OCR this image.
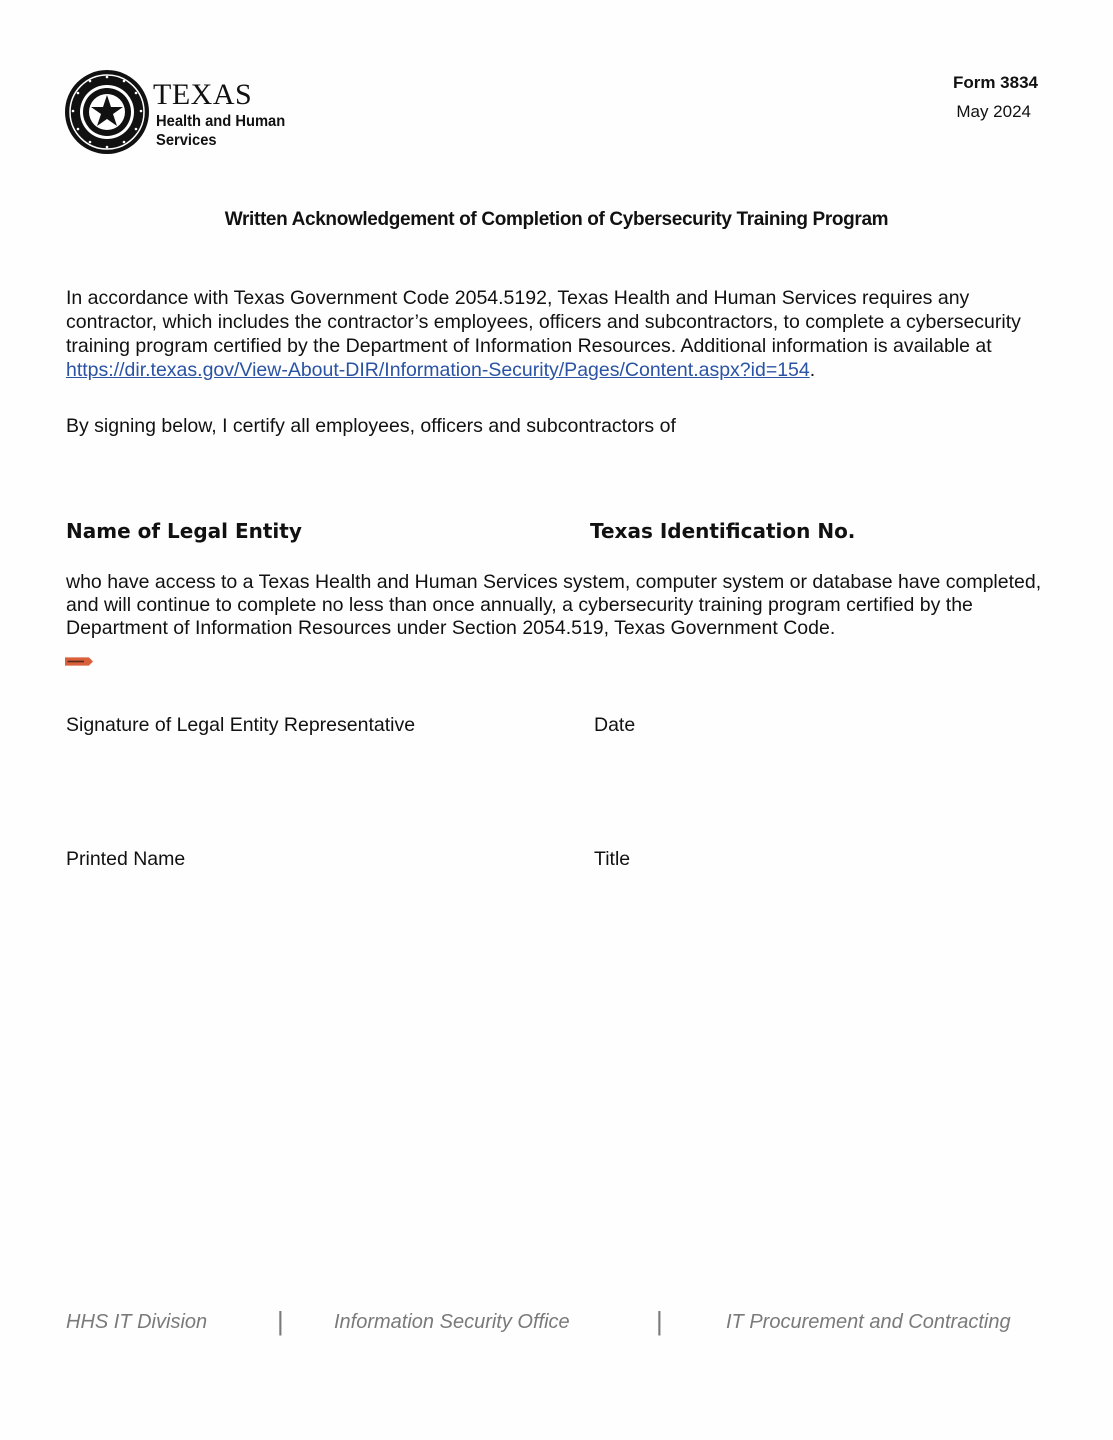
TEXAS
Health and Human
Services
Form 3834
May 2024
Written Acknowledgement of Completion of Cybersecurity Training Program
In accordance with Texas Government Code 2054.5192, Texas Health and Human Services requires any contractor, which includes the contractor’s employees, officers and subcontractors, to complete a cybersecurity training program certified by the Department of Information Resources. Additional information is available at https://dir.texas.gov/View-About-DIR/Information-Security/Pages/Content.aspx?id=154.
By signing below, I certify all employees, officers and subcontractors of
Name of Legal Entity	Texas Identification No.
who have access to a Texas Health and Human Services system, computer system or database have completed, and will continue to complete no less than once annually, a cybersecurity training program certified by the Department of Information Resources under Section 2054.519, Texas Government Code.
Signature of Legal Entity Representative	Date
Printed Name	Title
HHS IT Division	|	Information Security Office	|	IT Procurement and Contracting
